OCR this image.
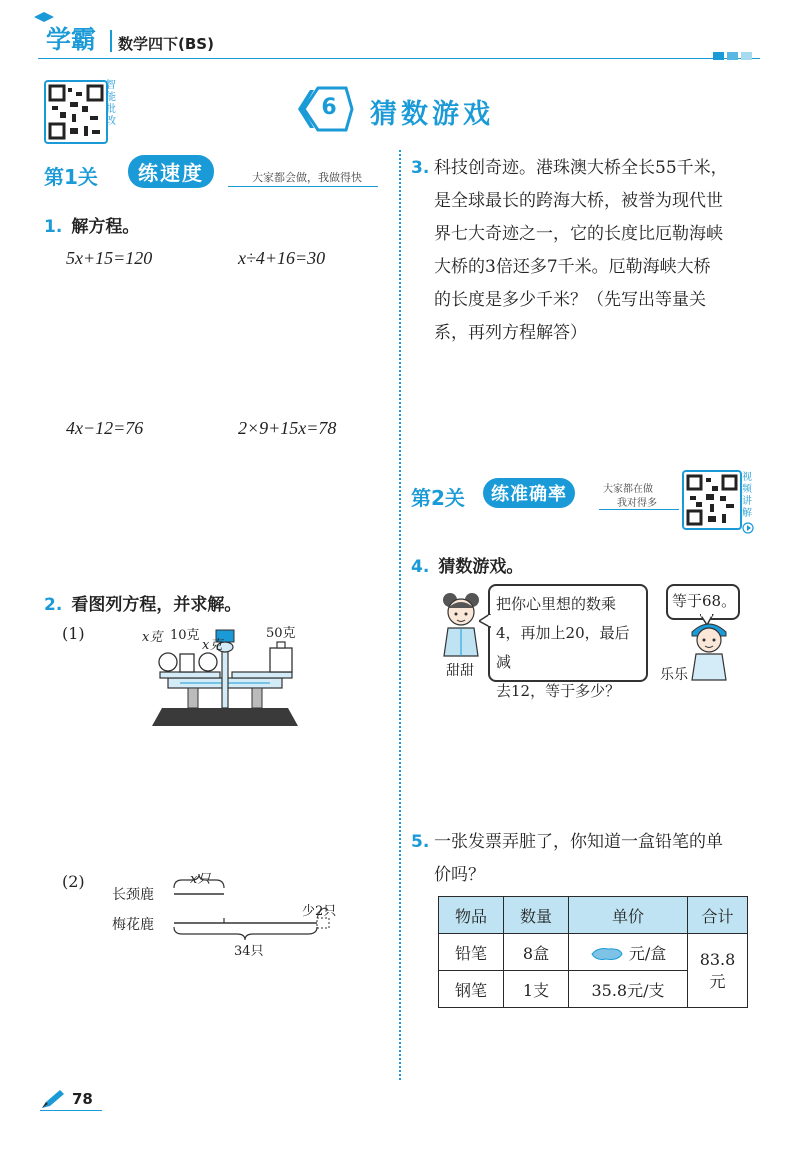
学霸 数学四下(BS)
智能批改
6 猜数游戏
第1关	练速度	大家都会做，我做得快
1. 解方程。
5x+15=120	x÷4+16=30
4x−12=76	2×9+15x=78
2. 看图列方程，并求解。
(1)	x克 10克
x克
50克
(2)	x只
长颈鹿
梅花鹿
少2只
34只
3. 科技创奇迹。港珠澳大桥全长55千米，
是全球最长的跨海大桥，被誉为现代世
界七大奇迹之一，它的长度比厄勒海峡
大桥的3倍还多7千米。厄勒海峡大桥
的长度是多少千米？（先写出等量关
系，再列方程解答）
第2关	练准确率	大家都在做
我对得多
视频讲解
4. 猜数游戏。
甜甜
把你心里想的数乘
4，再加上20，最后减
去12，等于多少？
等于68。
乐乐
5. 一张发票弄脏了，你知道一盒铅笔的单
价吗？
物品	数量	单价	合计
铅笔	8盒	元/盒	83.8元
钢笔	1支	35.8元/支	
78
